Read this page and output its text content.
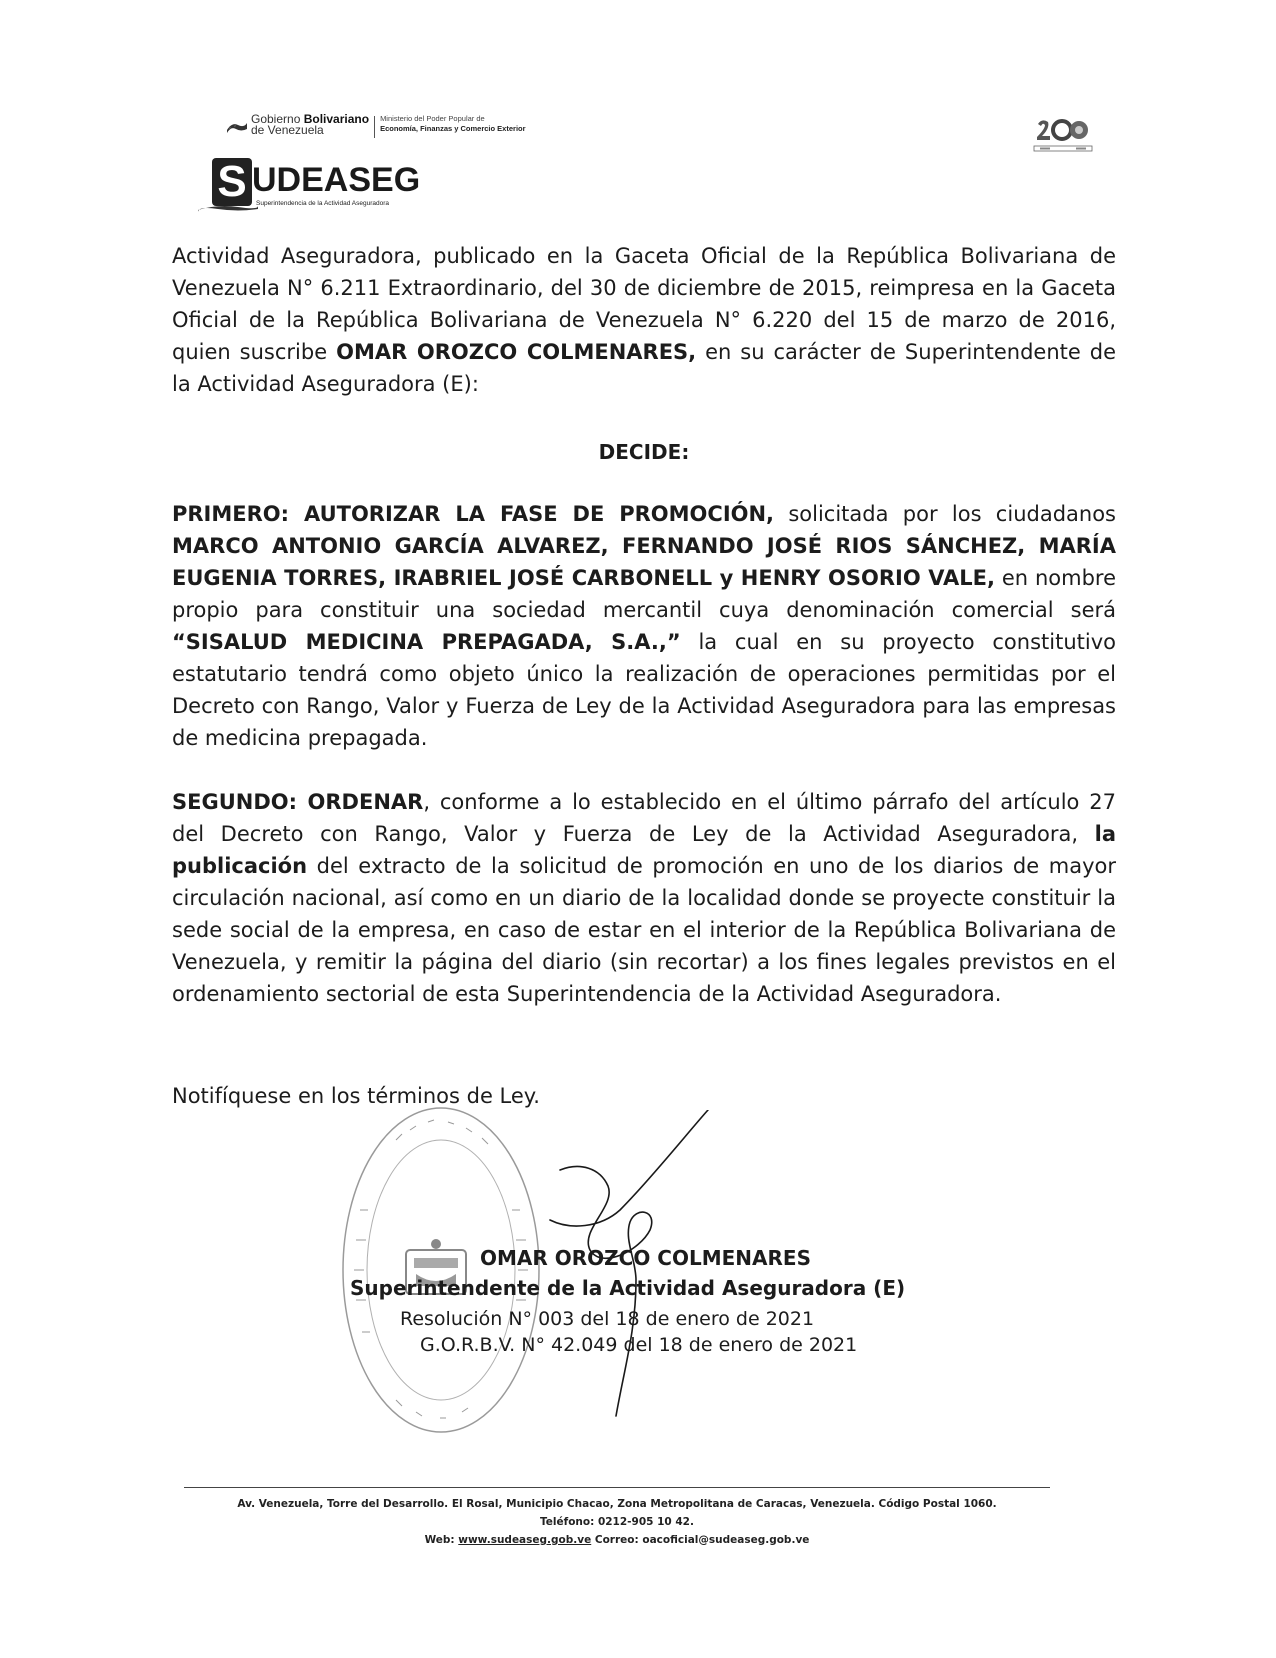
Gobierno Bolivariano
de Venezuela
Ministerio del Poder Popular de
Economía, Finanzas y Comercio Exterior
S UDEASEG
Superintendencia de la Actividad Aseguradora
Actividad Aseguradora, publicado en la Gaceta Oficial de la República Bolivariana de Venezuela N° 6.211 Extraordinario, del 30 de diciembre de 2015, reimpresa en la Gaceta Oficial de la República Bolivariana de Venezuela N° 6.220 del 15 de marzo de 2016, quien suscribe OMAR OROZCO COLMENARES, en su carácter de Superintendente de la Actividad Aseguradora (E):
DECIDE:
PRIMERO: AUTORIZAR LA FASE DE PROMOCIÓN, solicitada por los ciudadanos MARCO ANTONIO GARCÍA ALVAREZ, FERNANDO JOSÉ RIOS SÁNCHEZ, MARÍA EUGENIA TORRES, IRABRIEL JOSÉ CARBONELL y HENRY OSORIO VALE, en nombre propio para constituir una sociedad mercantil cuya denominación comercial será “SISALUD MEDICINA PREPAGADA, S.A.,” la cual en su proyecto constitutivo estatutario tendrá como objeto único la realización de operaciones permitidas por el Decreto con Rango, Valor y Fuerza de Ley de la Actividad Aseguradora para las empresas de medicina prepagada.
SEGUNDO: ORDENAR, conforme a lo establecido en el último párrafo del artículo 27 del Decreto con Rango, Valor y Fuerza de Ley de la Actividad Aseguradora, la publicación del extracto de la solicitud de promoción en uno de los diarios de mayor circulación nacional, así como en un diario de la localidad donde se proyecte constituir la sede social de la empresa, en caso de estar en el interior de la República Bolivariana de Venezuela, y remitir la página del diario (sin recortar) a los fines legales previstos en el ordenamiento sectorial de esta Superintendencia de la Actividad Aseguradora.
Notifíquese en los términos de Ley.
OMAR OROZCO COLMENARES
Superintendente de la Actividad Aseguradora (E)
Resolución N° 003 del 18 de enero de 2021
G.O.R.B.V. N° 42.049 del 18 de enero de 2021
Av. Venezuela, Torre del Desarrollo. El Rosal, Municipio Chacao, Zona Metropolitana de Caracas, Venezuela. Código Postal 1060.
Teléfono: 0212-905 10 42.
Web: www.sudeaseg.gob.ve Correo: oacoficial@sudeaseg.gob.ve
